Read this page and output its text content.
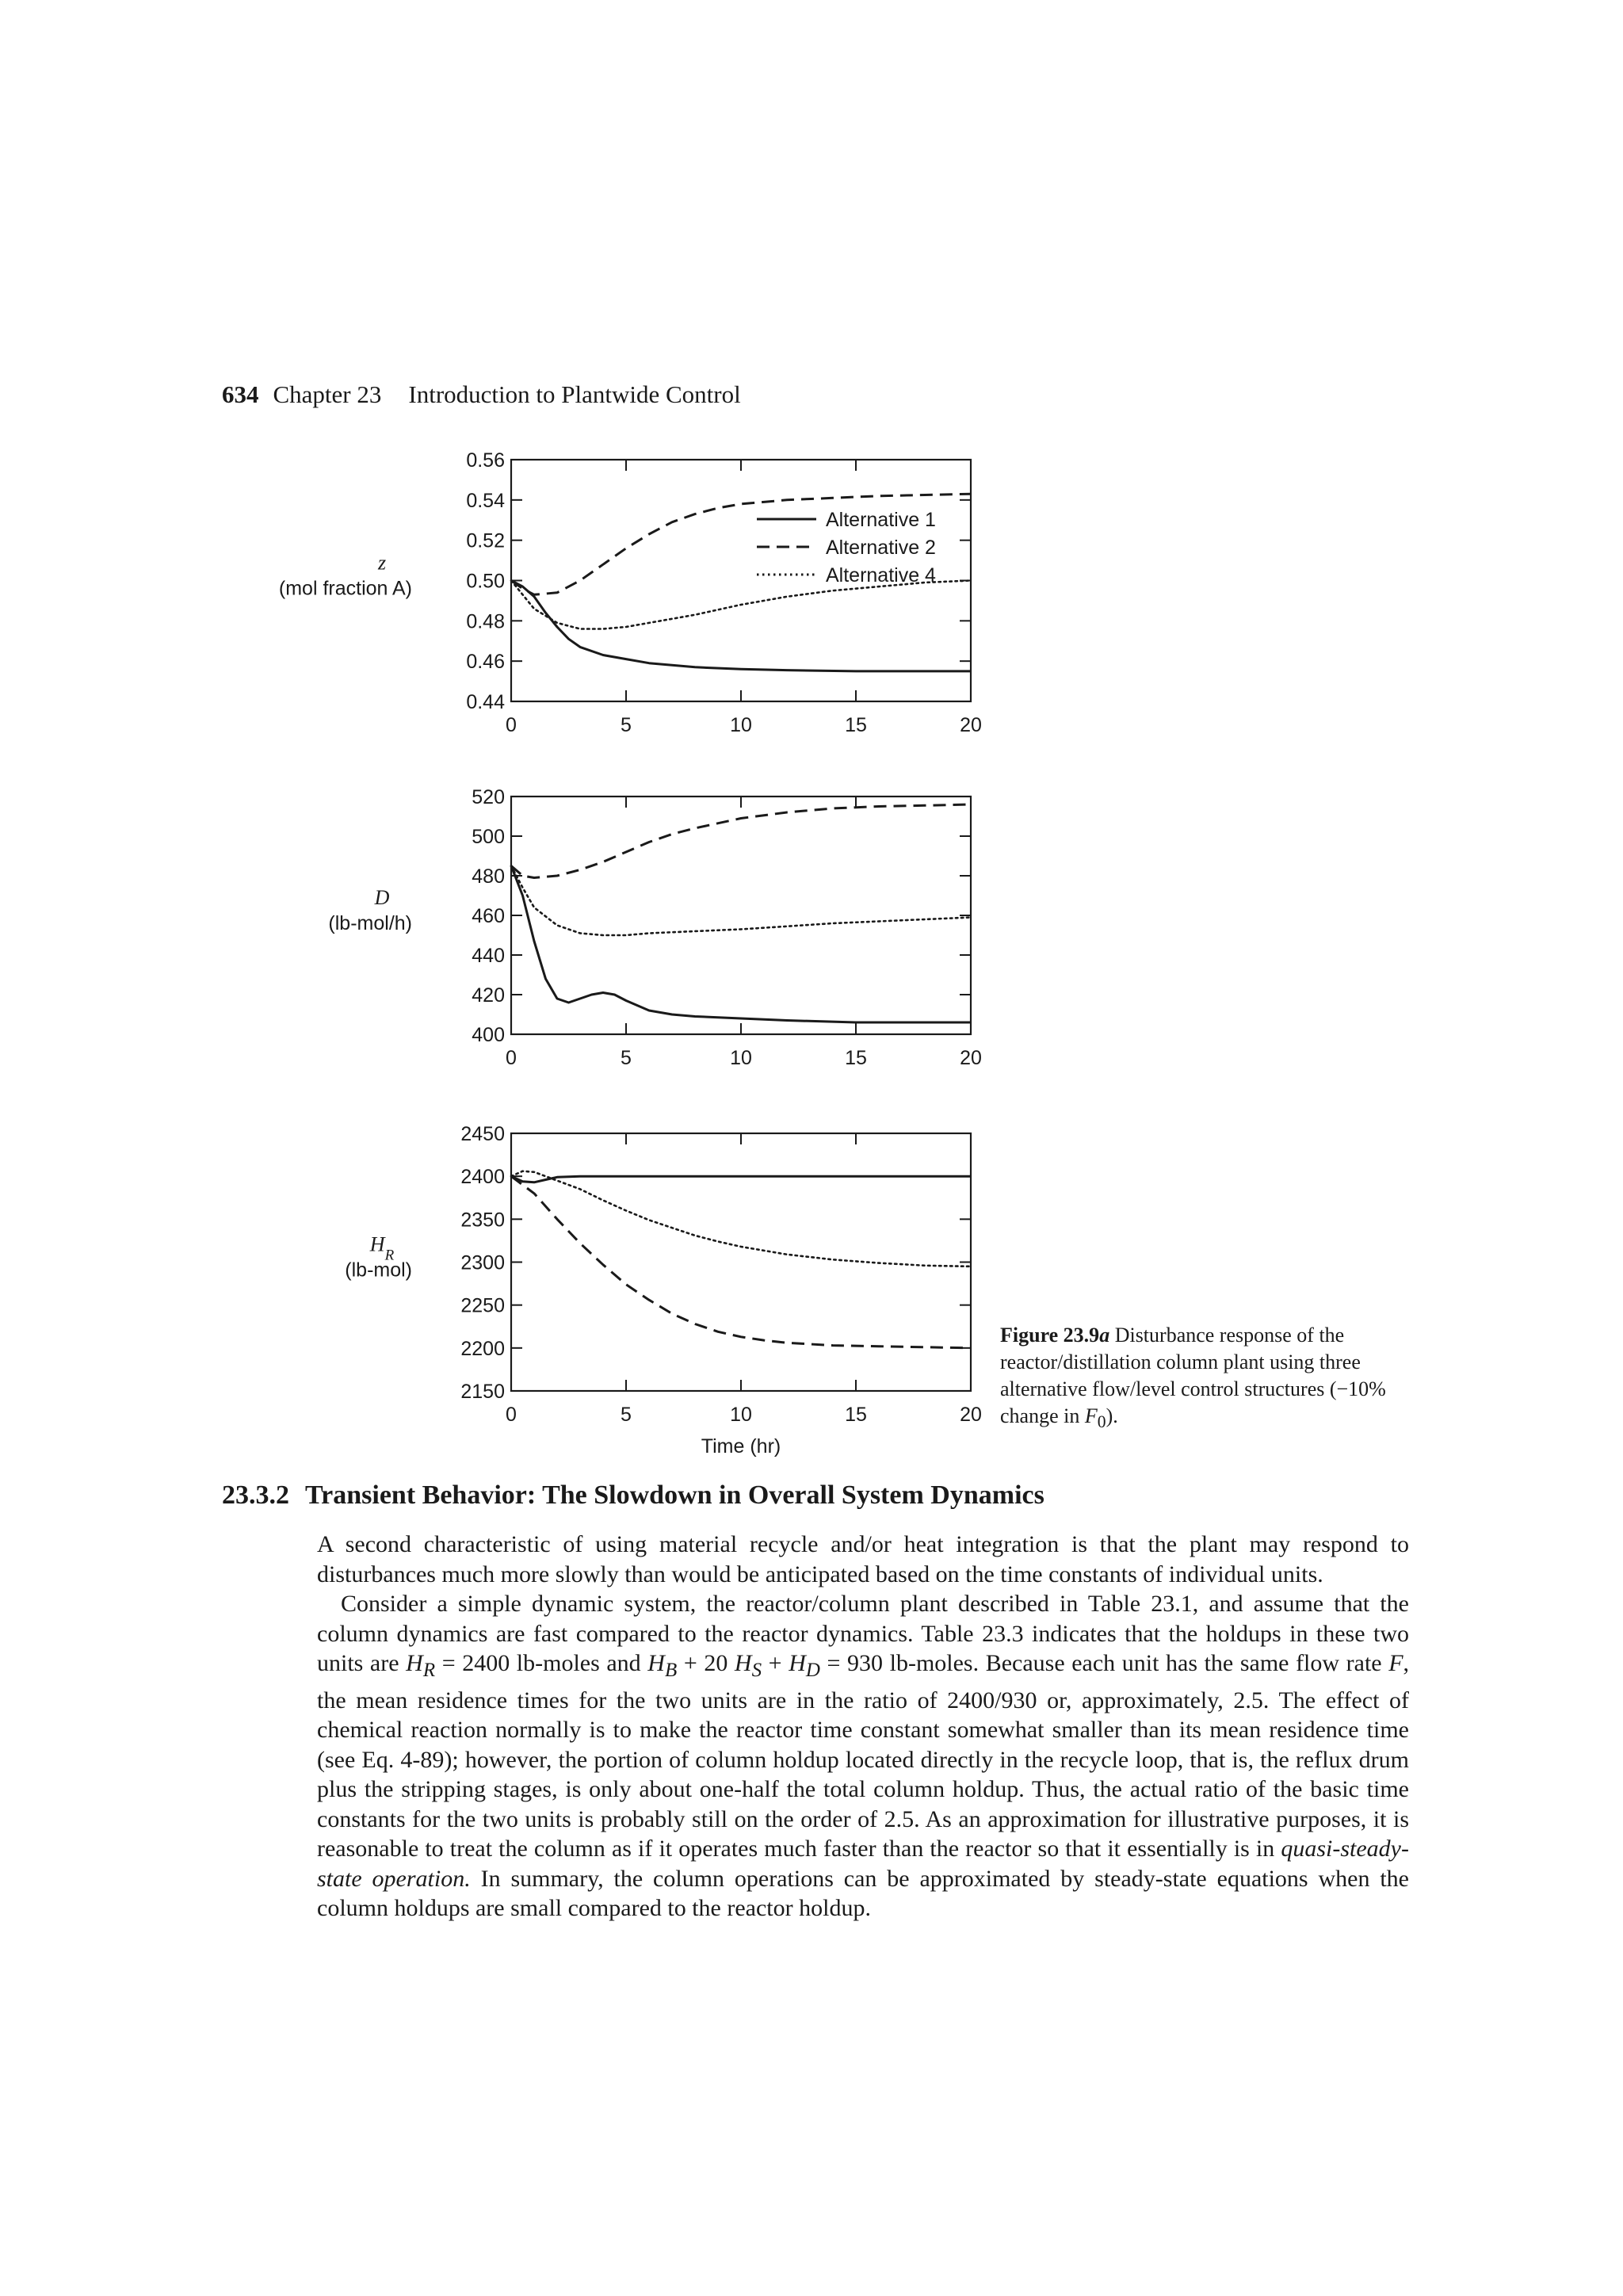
634 Chapter 23 Introduction to Plantwide Control
0	5	10	15	20
0.44
0.46
0.48
0.50
0.52
0.54
0.56
z
(mol fraction A)
Alternative 1
Alternative 2
Alternative 4
0	5	10	15	20
400
420
440
460
480
500
520
D
(lb-mol/h)
0	5	10	15	20
2150
2200
2250
2300
2350
2400
2450
$H_R$
(lb-mol)
Time (hr)
Figure 23.9a Disturbance response of the reactor/distillation column plant using three alternative flow/level control structures (−10% change in $F_0$).
23.3.2 Transient Behavior: The Slowdown in Overall System Dynamics

A second characteristic of using material recycle and/or heat integration is that the plant may respond to disturbances much more slowly than would be anticipated based on the time constants of individual units.

Consider a simple dynamic system, the reactor/column plant described in Table 23.1, and assume that the column dynamics are fast compared to the reactor dynamics. Table 23.3 indicates that the holdups in these two units are $H_R = 2400$ lb-moles and $H_B + 20$ $H_S + H_D = 930$ lb-moles. Because each unit has the same flow rate F, the mean residence times for the two units are in the ratio of 2400/930 or, approximately, 2.5. The effect of chemical reaction normally is to make the reactor time constant somewhat smaller than its mean residence time (see Eq. 4-89); however, the portion of column holdup located directly in the recycle loop, that is, the reflux drum plus the stripping stages, is only about one-half the total column holdup. Thus, the actual ratio of the basic time constants for the two units is probably still on the order of 2.5. As an approximation for illustrative purposes, it is reasonable to treat the column as if it operates much faster than the reactor so that it essentially is in quasi-steady-state operation. In summary, the column operations can be approximated by steady-state equations when the column holdups are small compared to the reactor holdup.
